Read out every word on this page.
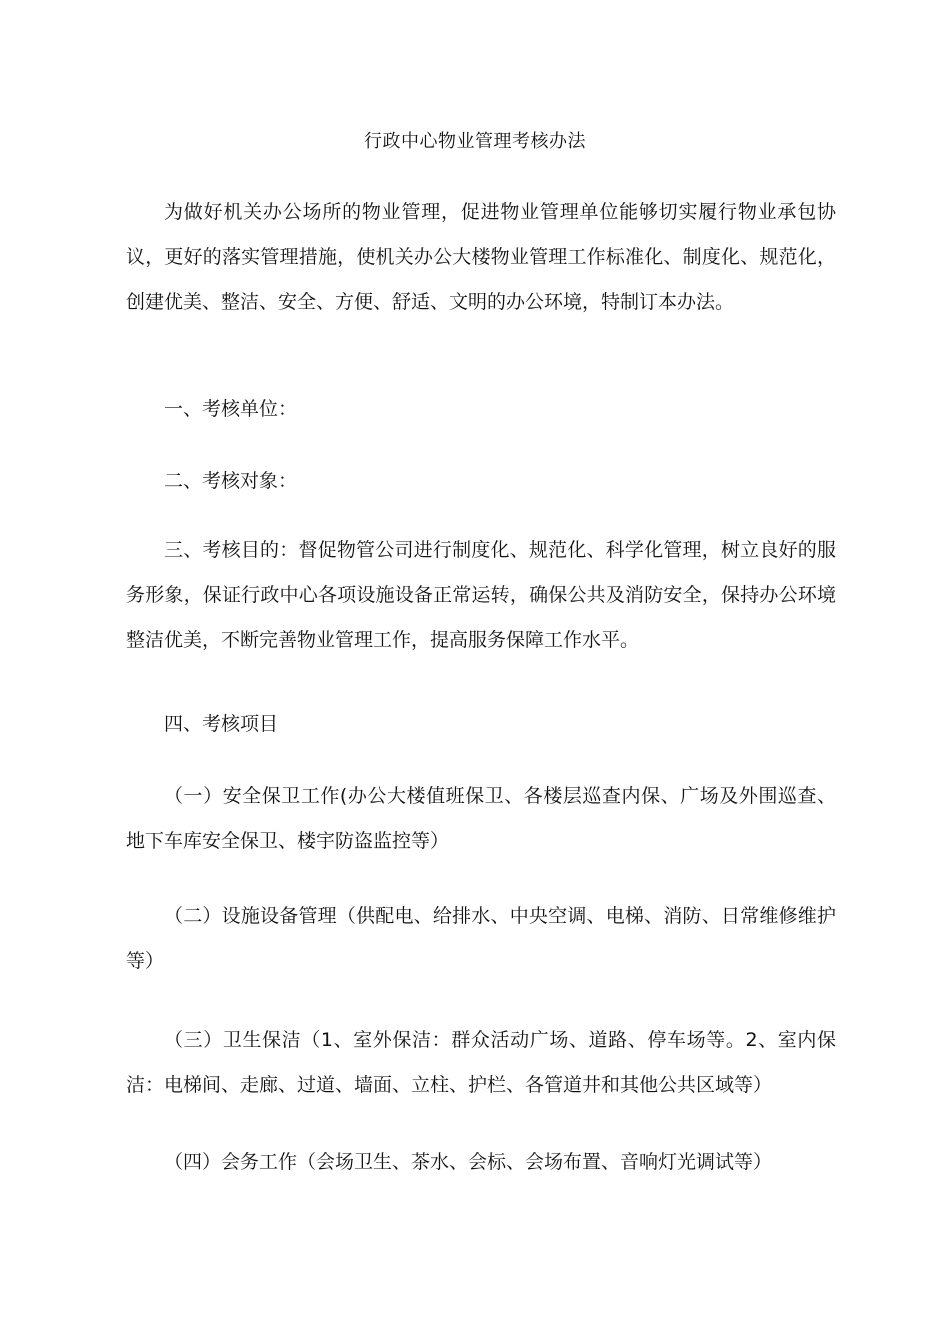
行政中心物业管理考核办法

为做好机关办公场所的物业管理，促进物业管理单位能够切实履行物业承包协议，更好的落实管理措施，使机关办公大楼物业管理工作标准化、制度化、规范化，创建优美、整洁、安全、方便、舒适、文明的办公环境，特制订本办法。

一、考核单位：

二、考核对象：

三、考核目的：督促物管公司进行制度化、规范化、科学化管理，树立良好的服务形象，保证行政中心各项设施设备正常运转，确保公共及消防安全，保持办公环境整洁优美，不断完善物业管理工作，提高服务保障工作水平。

四、考核项目

（一）安全保卫工作(办公大楼值班保卫、各楼层巡查内保、广场及外围巡查、地下车库安全保卫、楼宇防盗监控等）

（二）设施设备管理（供配电、给排水、中央空调、电梯、消防、日常维修维护等）

（三）卫生保洁（1、室外保洁：群众活动广场、道路、停车场等。2、室内保洁：电梯间、走廊、过道、墙面、立柱、护栏、各管道井和其他公共区域等）

（四）会务工作（会场卫生、茶水、会标、会场布置、音响灯光调试等）
